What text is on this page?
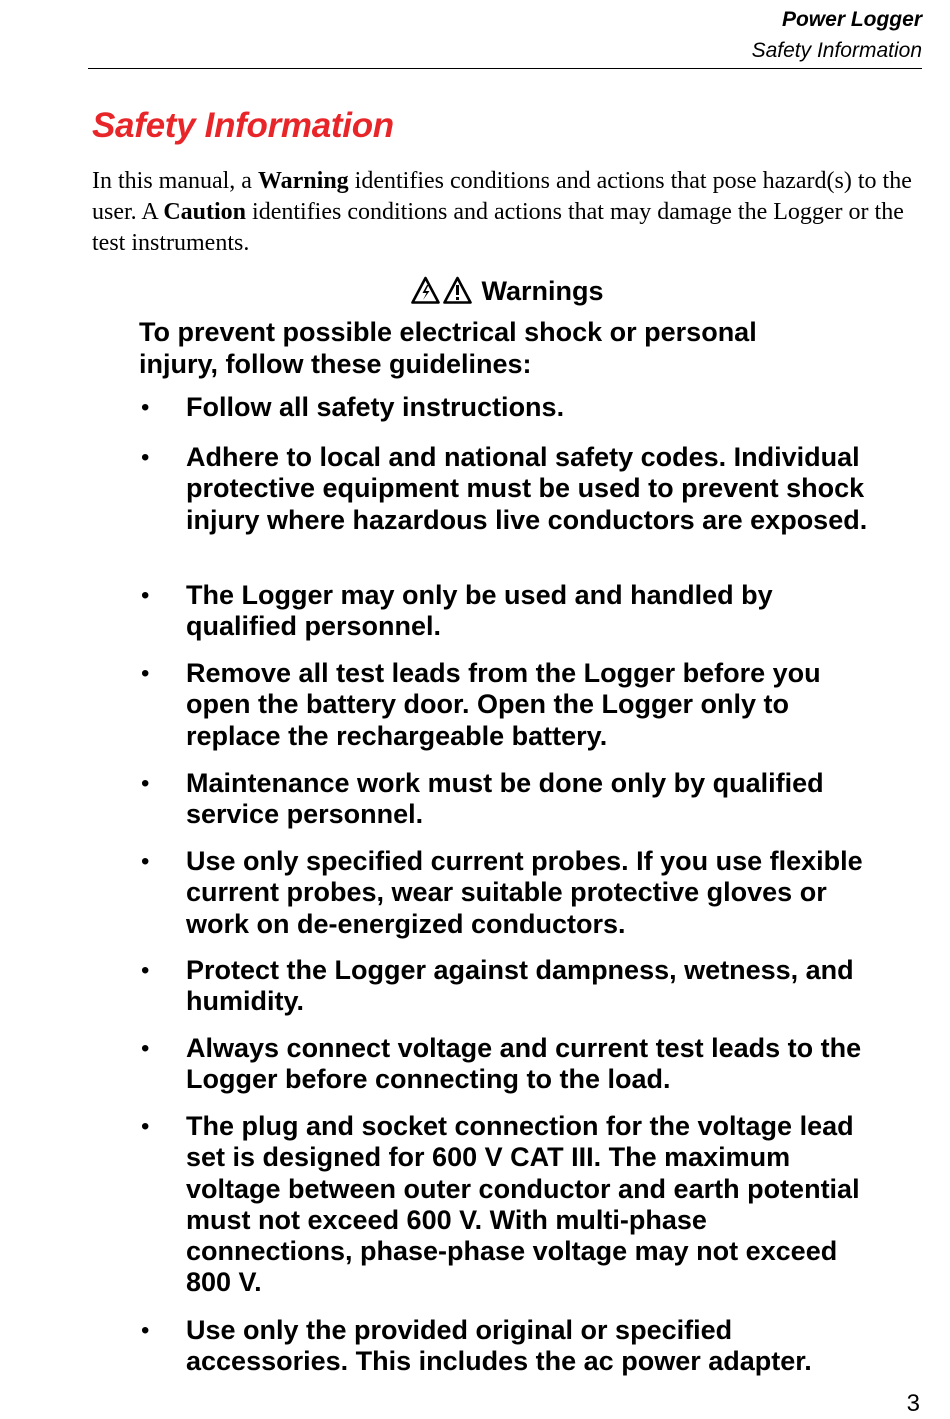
Power Logger
Safety Information
Safety Information

In this manual, a Warning identifies conditions and actions that pose hazard(s) to the user. A Caution identifies conditions and actions that may damage the Logger or the test instruments.

Warnings

To prevent possible electrical shock or personal injury, follow these guidelines:

• Follow all safety instructions.
• Adhere to local and national safety codes. Individual protective equipment must be used to prevent shock injury where hazardous live conductors are exposed.
• The Logger may only be used and handled by qualified personnel.
• Remove all test leads from the Logger before you open the battery door. Open the Logger only to replace the rechargeable battery.
• Maintenance work must be done only by qualified service personnel.
• Use only specified current probes. If you use flexible current probes, wear suitable protective gloves or work on de-energized conductors.
• Protect the Logger against dampness, wetness, and humidity.
• Always connect voltage and current test leads to the Logger before connecting to the load.
• The plug and socket connection for the voltage lead set is designed for 600 V CAT III. The maximum voltage between outer conductor and earth potential must not exceed 600 V. With multi-phase connections, phase-phase voltage may not exceed 800 V.
• Use only the provided original or specified accessories. This includes the ac power adapter.
3
